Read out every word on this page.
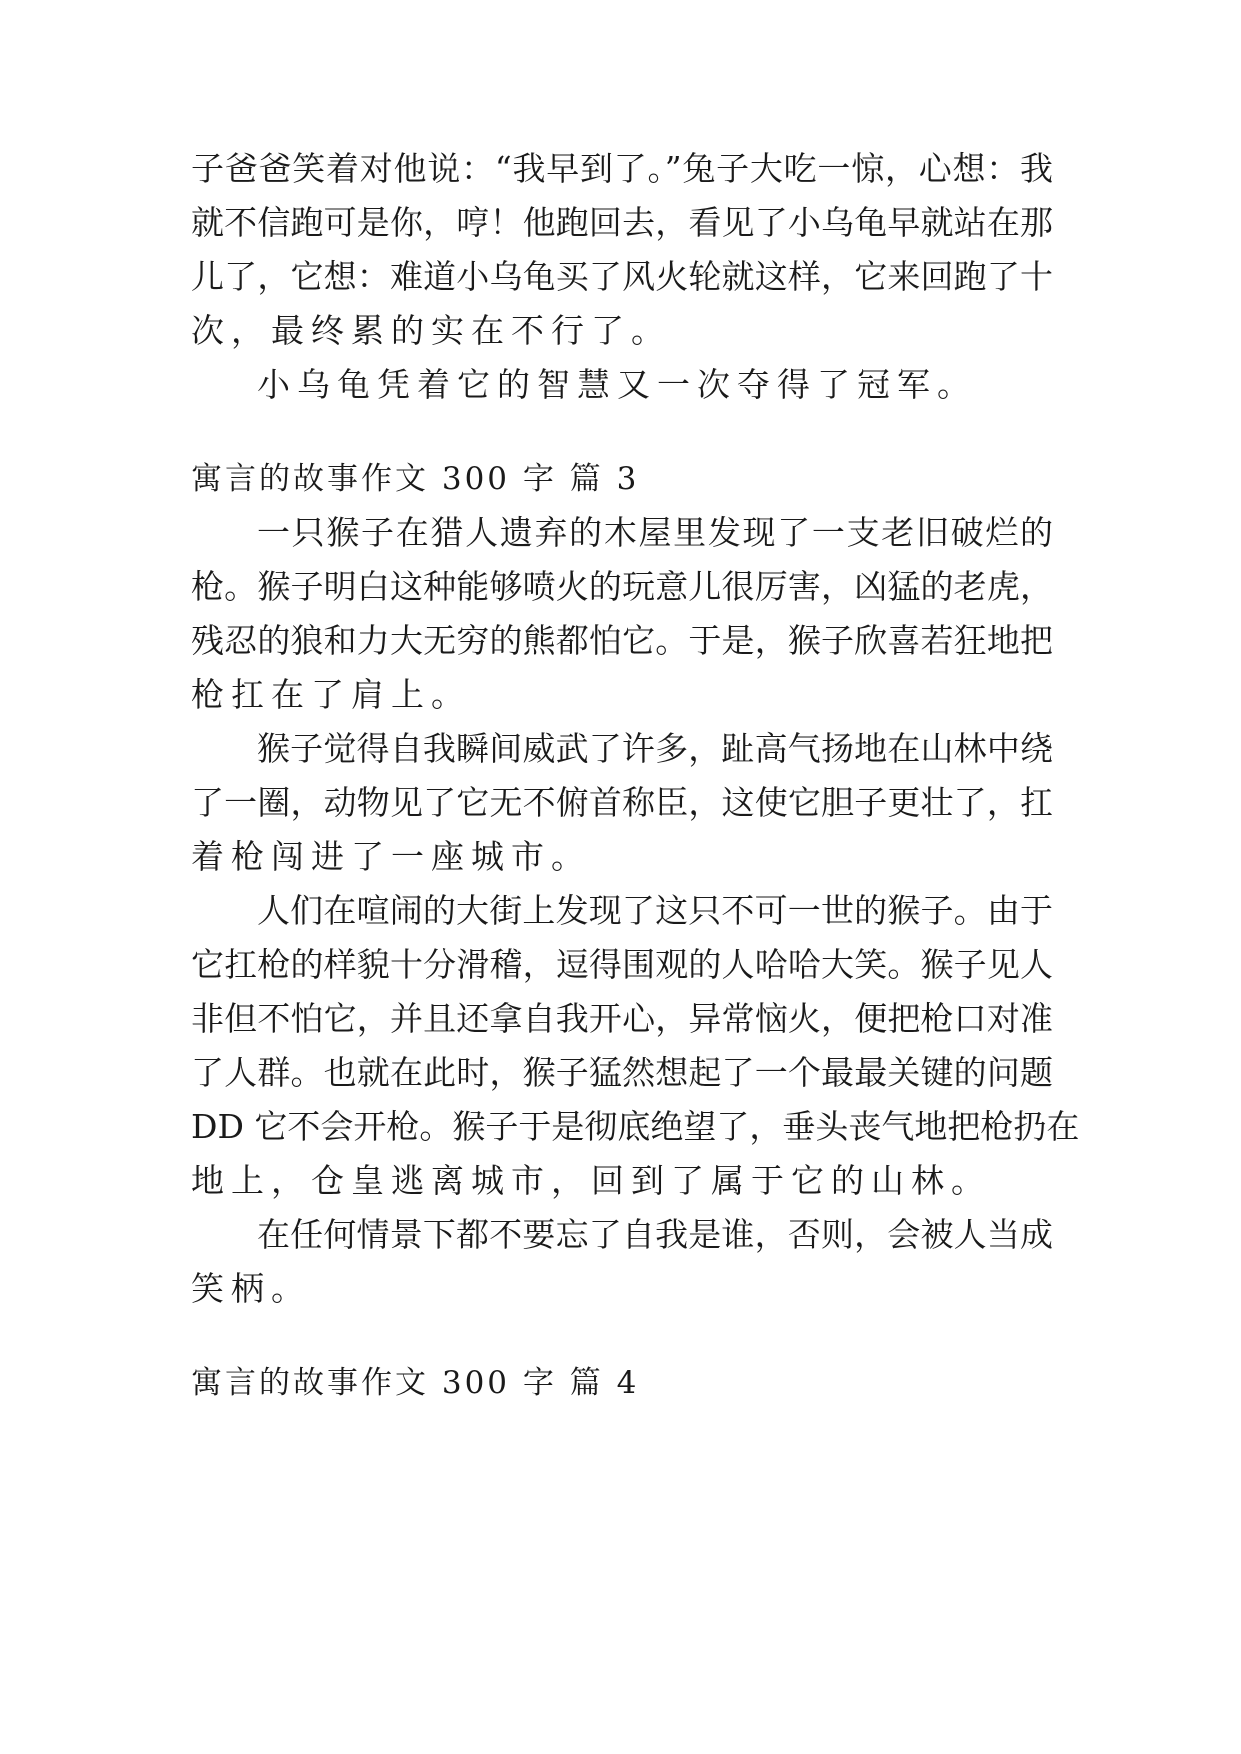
子爸爸笑着对他说：“我早到了。”兔子大吃一惊，心想：我
就不信跑可是你，哼！他跑回去，看见了小乌龟早就站在那
儿了，它想：难道小乌龟买了风火轮就这样，它来回跑了十
次，最终累的实在不行了。
小乌龟凭着它的智慧又一次夺得了冠军。
寓言的故事作文 300 字 篇 3
一只猴子在猎人遗弃的木屋里发现了一支老旧破烂的
枪。猴子明白这种能够喷火的玩意儿很厉害，凶猛的老虎，
残忍的狼和力大无穷的熊都怕它。于是，猴子欣喜若狂地把
枪扛在了肩上。
猴子觉得自我瞬间威武了许多，趾高气扬地在山林中绕
了一圈，动物见了它无不俯首称臣，这使它胆子更壮了，扛
着枪闯进了一座城市。
人们在喧闹的大街上发现了这只不可一世的猴子。由于
它扛枪的样貌十分滑稽，逗得围观的人哈哈大笑。猴子见人
非但不怕它，并且还拿自我开心，异常恼火，便把枪口对准
了人群。也就在此时，猴子猛然想起了一个最最关键的问题
DD 它不会开枪。猴子于是彻底绝望了，垂头丧气地把枪扔在
地上，仓皇逃离城市，回到了属于它的山林。
在任何情景下都不要忘了自我是谁，否则，会被人当成
笑柄。
寓言的故事作文 300 字 篇 4
